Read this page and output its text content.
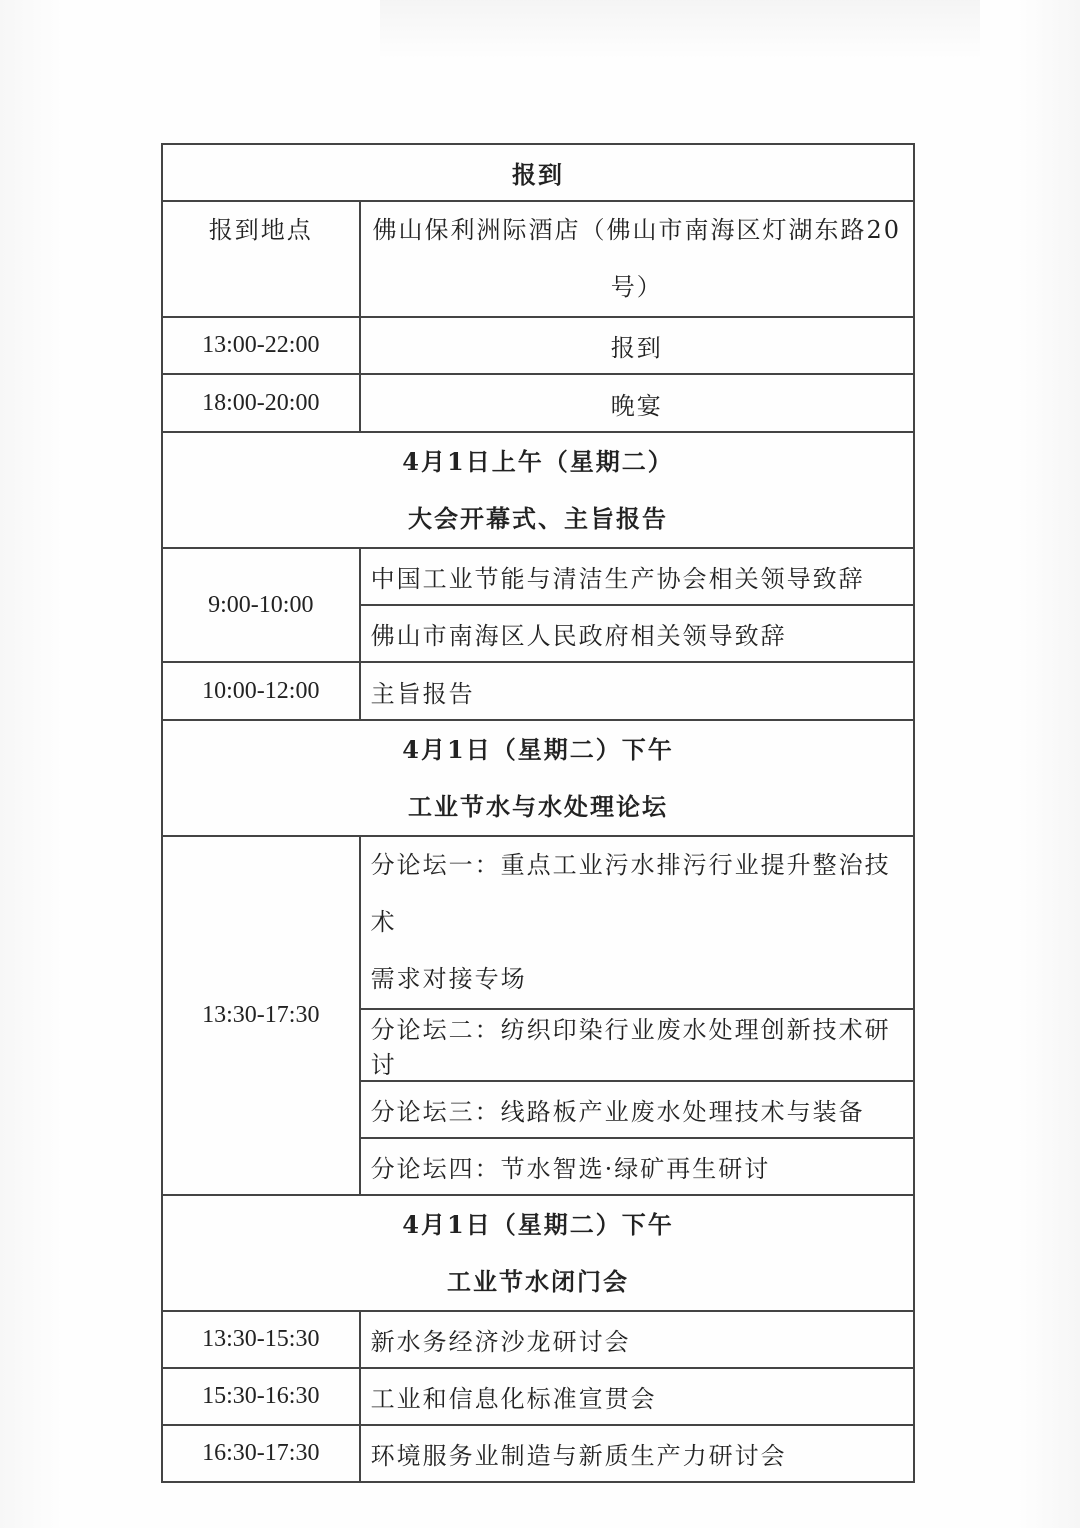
报到	
报到地点	佛山保利洲际酒店（佛山市南海区灯湖东路20
号）

13:00-22:00	报到
18:00-20:00	晚宴

4月1日上午（星期二）
大会开幕式、主旨报告	

9:00-10:00	中国工业节能与清洁生产协会相关领导致辞
	佛山市南海区人民政府相关领导致辞
10:00-12:00	主旨报告

4月1日（星期二）下午
工业节水与水处理论坛	

13:30-17:30	分论坛一：重点工业污水排污行业提升整治技术
需求对接专场

	分论坛二：纺织印染行业废水处理创新技术研讨
	分论坛三：线路板产业废水处理技术与装备
	分论坛四：节水智选·绿矿再生研讨

4月1日（星期二）下午
工业节水闭门会	

13:30-15:30	新水务经济沙龙研讨会
15:30-16:30	工业和信息化标准宣贯会
16:30-17:30	环境服务业制造与新质生产力研讨会
